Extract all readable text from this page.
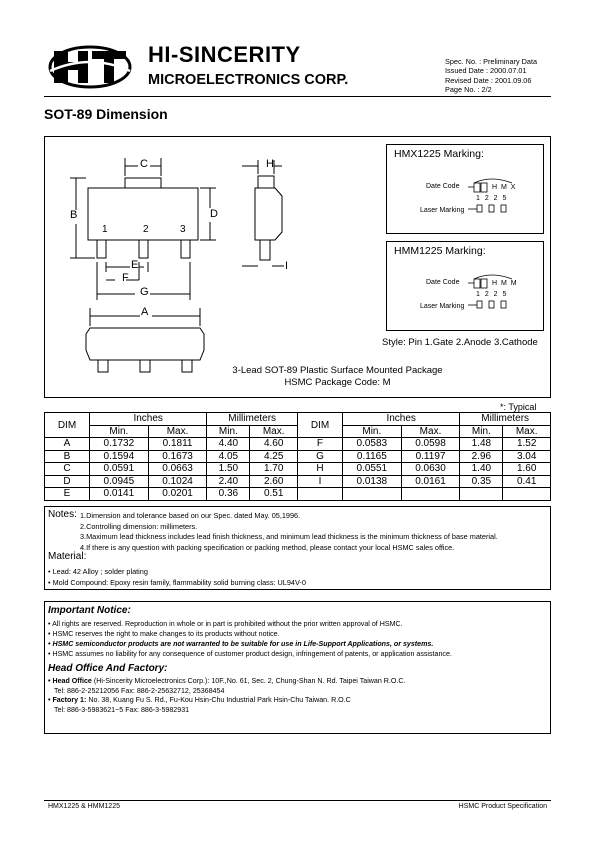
HI-SINCERITY
MICROELECTRONICS CORP.
Spec. No. : Preliminary Data
Issued Date : 2000.07.01
Revised Date : 2001.09.06
Page No. : 2/2
SOT-89 Dimension
C	H
B	D
E
F
G
I
A
1	2	3
HMX1225 Marking:
Date Code
Laser Marking
H M X
1 2 2 5
HMM1225 Marking:
Date Code
Laser Marking
H M M
1 2 2 5
Style: Pin 1.Gate 2.Anode 3.Cathode
3-Lead SOT-89 Plastic Surface Mounted Package
HSMC Package Code: M
*: Typical
DIM	Inches		Millimeters		DIM	Inches		Millimeters	
	Min.	Max.	Min.	Max.		Min.	Max.	Min.	Max.
A	0.1732	0.1811	4.40	4.60	F	0.0583	0.0598	1.48	1.52
B	0.1594	0.1673	4.05	4.25	G	0.1165	0.1197	2.96	3.04
C	0.0591	0.0663	1.50	1.70	H	0.0551	0.0630	1.40	1.60
D	0.0945	0.1024	2.40	2.60	I	0.0138	0.0161	0.35	0.41
E	0.0141	0.0201	0.36	0.51					
Notes: 1.Dimension and tolerance based on our Spec. dated May. 05,1996.
2.Controlling dimension: millimeters.
3.Maximum lead thickness includes lead finish thickness, and minimum lead thickness is the minimum thickness of base material.
4.If there is any question with packing specification or packing method, please contact your local HSMC sales office.
Material:
• Lead: 42 Alloy ; solder plating
• Mold Compound: Epoxy resin family, flammability solid burning class: UL94V-0
Important Notice:
• All rights are reserved. Reproduction in whole or in part is prohibited without the prior written approval of HSMC.
• HSMC reserves the right to make changes to its products without notice.
• HSMC semiconductor products are not warranted to be suitable for use in Life-Support Applications, or systems.
• HSMC assumes no liability for any consequence of customer product design, infringement of patents, or application assistance.
Head Office And Factory:
• Head Office (Hi-Sincerity Microelectronics Corp.): 10F.,No. 61, Sec. 2, Chung-Shan N. Rd. Taipei Taiwan R.O.C.
Tel: 886-2-25212056 Fax: 886-2-25632712, 25368454
• Factory 1: No. 38, Kuang Fu S. Rd., Fu-Kou Hsin-Chu Industrial Park Hsin-Chu Taiwan. R.O.C
Tel: 886-3-5983621~5 Fax: 886-3-5982931
HMX1225 & HMM1225	HSMC Product Specification
